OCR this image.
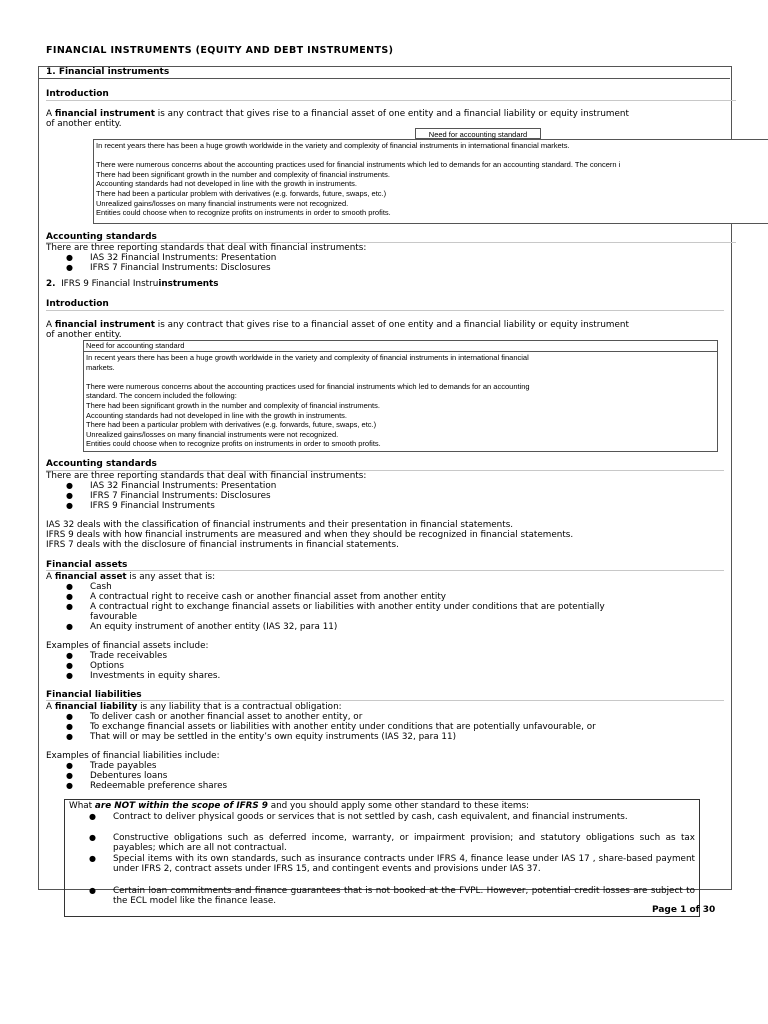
FINANCIAL INSTRUMENTS (EQUITY AND DEBT INSTRUMENTS)
1. Financial instruments
Introduction
A financial instrument is any contract that gives rise to a financial asset of one entity and a financial liability or equity instrument
of another entity.
Need for accounting standard
In recent years there has been a huge growth worldwide in the variety and complexity of financial instruments in international financial markets.

There were numerous concerns about the accounting practices used for financial instruments which led to demands for an accounting standard. The concern i
There had been significant growth in the number and complexity of financial instruments.
Accounting standards had not developed in line with the growth in instruments.
There had been a particular problem with derivatives (e.g. forwards, future, swaps, etc.)
Unrealized gains/losses on many financial instruments were not recognized.
Entities could choose when to recognize profits on instruments in order to smooth profits.
Accounting standards
There are three reporting standards that deal with financial instruments:
● IAS 32 Financial Instruments: Presentation
● IFRS 7 Financial Instruments: Disclosures
2. IFRS 9 Financial Instruinstruments
Introduction
A financial instrument is any contract that gives rise to a financial asset of one entity and a financial liability or equity instrument
of another entity.
Need for accounting standard
In recent years there has been a huge growth worldwide in the variety and complexity of financial instruments in international financial
markets.

There were numerous concerns about the accounting practices used for financial instruments which led to demands for an accounting
standard. The concern included the following:
There had been significant growth in the number and complexity of financial instruments.
Accounting standards had not developed in line with the growth in instruments.
There had been a particular problem with derivatives (e.g. forwards, future, swaps, etc.)
Unrealized gains/losses on many financial instruments were not recognized.
Entities could choose when to recognize profits on instruments in order to smooth profits.
Accounting standards
There are three reporting standards that deal with financial instruments:
● IAS 32 Financial Instruments: Presentation
● IFRS 7 Financial Instruments: Disclosures
● IFRS 9 Financial Instruments
IAS 32 deals with the classification of financial instruments and their presentation in financial statements.
IFRS 9 deals with how financial instruments are measured and when they should be recognized in financial statements.
IFRS 7 deals with the disclosure of financial instruments in financial statements.
Financial assets
A financial asset is any asset that is:
● Cash
● A contractual right to receive cash or another financial asset from another entity
● A contractual right to exchange financial assets or liabilities with another entity under conditions that are potentially
favourable
● An equity instrument of another entity (IAS 32, para 11)
Examples of financial assets include:
● Trade receivables
● Options
● Investments in equity shares.
Financial liabilities
A financial liability is any liability that is a contractual obligation:
● To deliver cash or another financial asset to another entity, or
● To exchange financial assets or liabilities with another entity under conditions that are potentially unfavourable, or
● That will or may be settled in the entity’s own equity instruments (IAS 32, para 11)
Examples of financial liabilities include:
● Trade payables
● Debentures loans
● Redeemable preference shares
What are NOT within the scope of IFRS 9 and you should apply some other standard to these items:
● Contract to deliver physical goods or services that is not settled by cash, cash equivalent, and financial instruments.
● Constructive obligations such as deferred income, warranty, or impairment provision; and statutory obligations such as tax payables; which are all not contractual.
● Special items with its own standards, such as insurance contracts under IFRS 4, finance lease under IAS 17 , share-based payment under IFRS 2, contract assets under IFRS 15, and contingent events and provisions under IAS 37.
● Certain loan commitments and finance guarantees that is not booked at the FVPL. However, potential credit losses are subject to the ECL model like the finance lease.
Page 1 of 30
